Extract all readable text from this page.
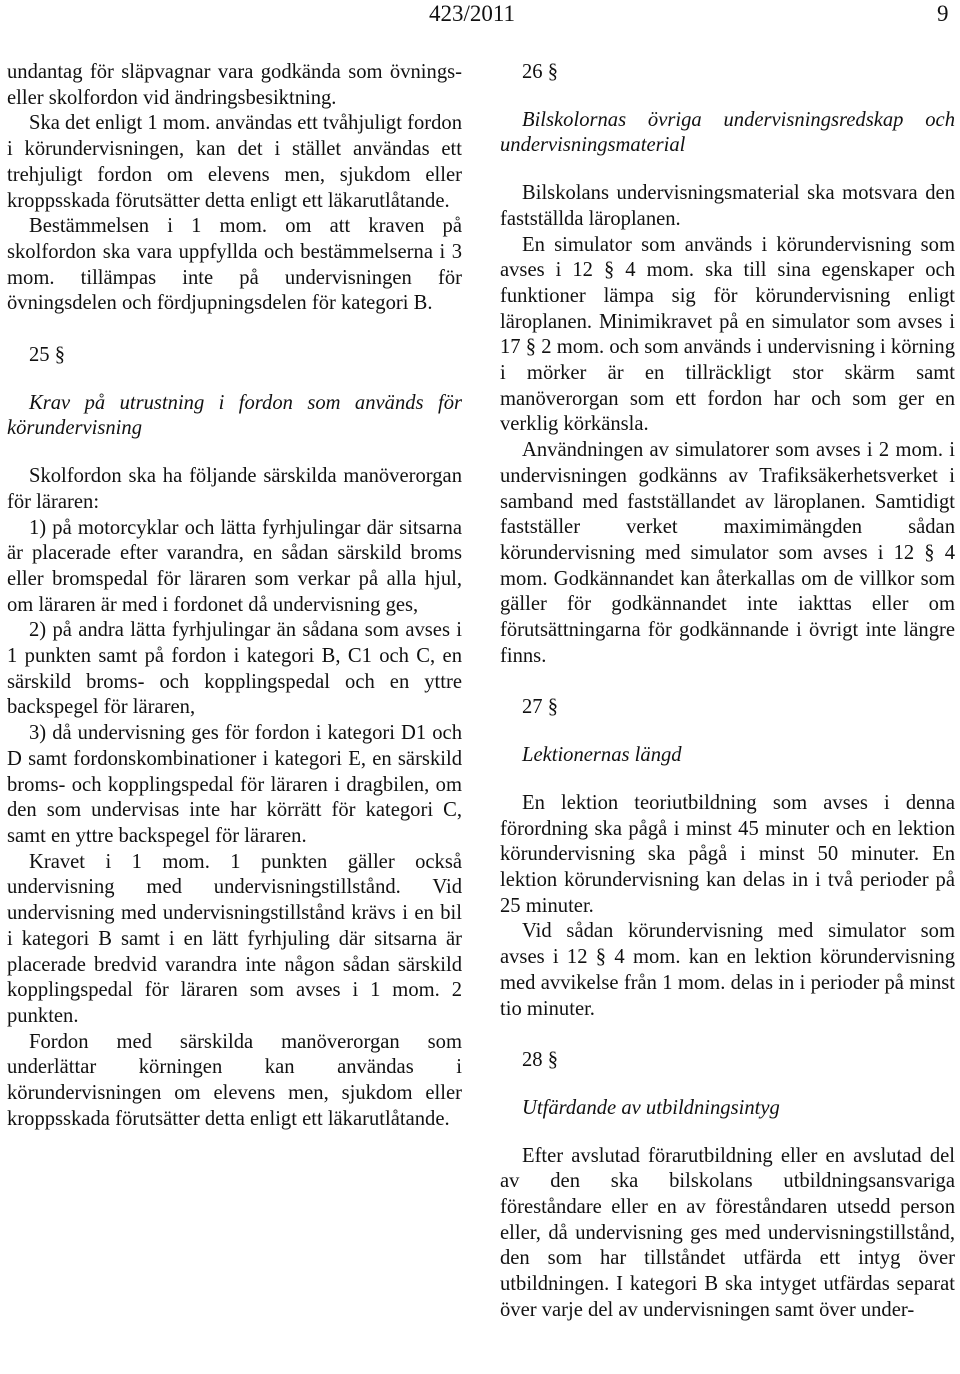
423/2011	9

undantag för släpvagnar vara godkända som övnings- eller skolfordon vid ändringsbesiktning.

Ska det enligt 1 mom. användas ett tvåhjuligt fordon i körundervisningen, kan det i stället användas ett trehjuligt fordon om elevens men, sjukdom eller kroppsskada förutsätter detta enligt ett läkarutlåtande.

Bestämmelsen i 1 mom. om att kraven på skolfordon ska vara uppfyllda och bestämmelserna i 3 mom. tillämpas inte på undervisningen för övningsdelen och fördjupningsdelen för kategori B.

25 §

Krav på utrustning i fordon som används för körundervisning

Skolfordon ska ha följande särskilda manöverorgan för läraren:

1) på motorcyklar och lätta fyrhjulingar där sitsarna är placerade efter varandra, en sådan särskild broms eller bromspedal för läraren som verkar på alla hjul, om läraren är med i fordonet då undervisning ges,

2) på andra lätta fyrhjulingar än sådana som avses i 1 punkten samt på fordon i kategori B, C1 och C, en särskild broms- och kopplingspedal och en yttre backspegel för läraren,

3) då undervisning ges för fordon i kategori D1 och D samt fordonskombinationer i kategori E, en särskild broms- och kopplingspedal för läraren i dragbilen, om den som undervisas inte har körrätt för kategori C, samt en yttre backspegel för läraren.

Kravet i 1 mom. 1 punkten gäller också undervisning med undervisningstillstånd. Vid undervisning med undervisningstillstånd krävs i en bil i kategori B samt i en lätt fyrhjuling där sitsarna är placerade bredvid varandra inte någon sådan särskild kopplingspedal för läraren som avses i 1 mom. 2 punkten.

Fordon med särskilda manöverorgan som underlättar körningen kan användas i körundervisningen om elevens men, sjukdom eller kroppsskada förutsätter detta enligt ett läkarutlåtande.

26 §

Bilskolornas övriga undervisningsredskap och undervisningsmaterial

Bilskolans undervisningsmaterial ska motsvara den fastställda läroplanen.

En simulator som används i körundervisning som avses i 12 § 4 mom. ska till sina egenskaper och funktioner lämpa sig för körundervisning enligt läroplanen. Minimikravet på en simulator som avses i 17 § 2 mom. och som används i undervisning i körning i mörker är en tillräckligt stor skärm samt manöverorgan som ett fordon har och som ger en verklig körkänsla.

Användningen av simulatorer som avses i 2 mom. i undervisningen godkänns av Trafiksäkerhetsverket i samband med fastställandet av läroplanen. Samtidigt fastställer verket maximimängden sådan körundervisning med simulator som avses i 12 § 4 mom. Godkännandet kan återkallas om de villkor som gäller för godkännandet inte iakttas eller om förutsättningarna för godkännande i övrigt inte längre finns.

27 §

Lektionernas längd

En lektion teoriutbildning som avses i denna förordning ska pågå i minst 45 minuter och en lektion körundervisning ska pågå i minst 50 minuter. En lektion körundervisning kan delas in i två perioder på 25 minuter.

Vid sådan körundervisning med simulator som avses i 12 § 4 mom. kan en lektion körundervisning med avvikelse från 1 mom. delas in i perioder på minst tio minuter.

28 §

Utfärdande av utbildningsintyg

Efter avslutad förarutbildning eller en avslutad del av den ska bilskolans utbildningsansvariga föreståndare eller en av föreståndaren utsedd person eller, då undervisning ges med undervisningstillstånd, den som har tillståndet utfärda ett intyg över utbildningen. I kategori B ska intyget utfärdas separat över varje del av undervisningen samt över under-
